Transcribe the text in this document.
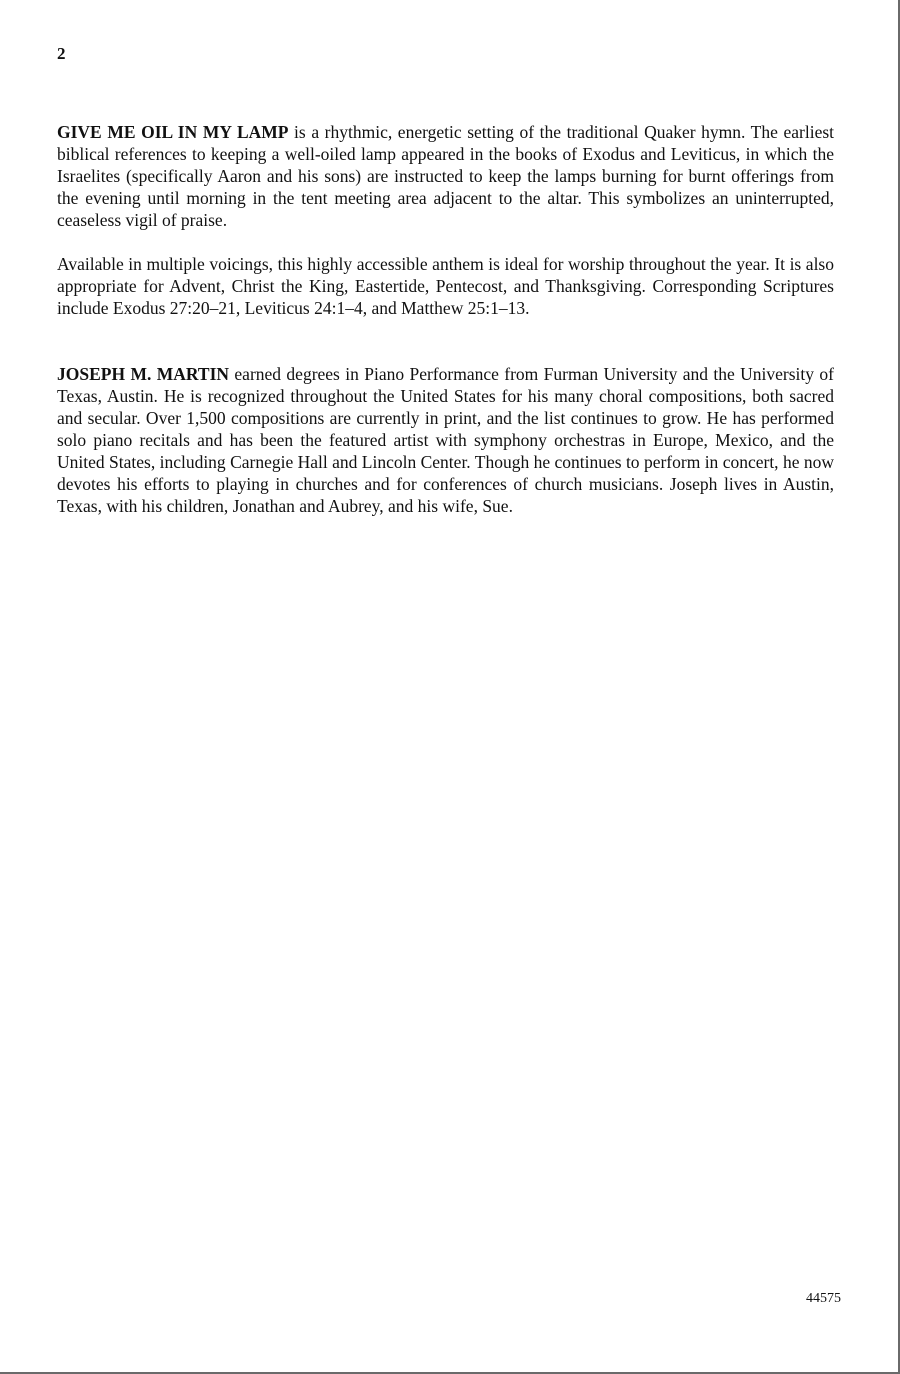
2

GIVE ME OIL IN MY LAMP is a rhythmic, energetic setting of the traditional Quaker hymn. The earliest biblical references to keeping a well-oiled lamp appeared in the books of Exodus and Leviticus, in which the Israelites (specifically Aaron and his sons) are instructed to keep the lamps burning for burnt offerings from the evening until morning in the tent meeting area adjacent to the altar. This symbolizes an uninterrupted, ceaseless vigil of praise.

Available in multiple voicings, this highly accessible anthem is ideal for worship throughout the year. It is also appropriate for Advent, Christ the King, Eastertide, Pentecost, and Thanksgiving. Corresponding Scriptures include Exodus 27:20–21, Leviticus 24:1–4, and Matthew 25:1–13.

JOSEPH M. MARTIN earned degrees in Piano Performance from Furman University and the University of Texas, Austin. He is recognized throughout the United States for his many choral compositions, both sacred and secular. Over 1,500 compositions are currently in print, and the list continues to grow. He has performed solo piano recitals and has been the featured artist with symphony orchestras in Europe, Mexico, and the United States, including Carnegie Hall and Lincoln Center. Though he continues to perform in concert, he now devotes his efforts to playing in churches and for conferences of church musicians. Joseph lives in Austin, Texas, with his children, Jonathan and Aubrey, and his wife, Sue.

44575
